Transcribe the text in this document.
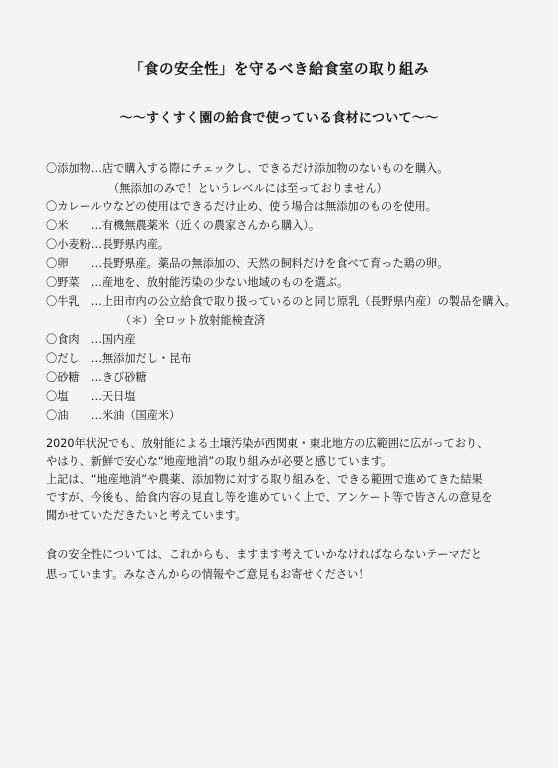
「食の安全性」を守るべき給食室の取り組み
～～すくすく園の給食で使っている食材について～～
〇添加物…店で購入する際にチェックし、できるだけ添加物のないものを購入。
（無添加のみで！というレベルには至っておりません）
〇カレールウなどの使用はできるだけ止め、使う場合は無添加のものを使用。
〇米　　…有機無農薬米（近くの農家さんから購入）。
〇小麦粉…長野県内産。
〇卵　　…長野県産。薬品の無添加の、天然の飼料だけを食べて育った鶏の卵。
〇野菜　…産地を、放射能汚染の少ない地域のものを選ぶ。
〇牛乳　…上田市内の公立給食で取り扱っているのと同じ原乳（長野県内産）の製品を購入。
（＊）全ロット放射能検査済
〇食肉　…国内産
〇だし　…無添加だし・昆布
〇砂糖　…きび砂糖
〇塩　　…天日塩
〇油　　…米油（国産米）
2020年状況でも、放射能による土壌汚染が西関東・東北地方の広範囲に広がっており、
やはり、新鮮で安心な“地産地消”の取り組みが必要と感じています。
上記は、“地産地消”や農薬、添加物に対する取り組みを、できる範囲で進めてきた結果
ですが、今後も、給食内容の見直し等を進めていく上で、アンケート等で皆さんの意見を
聞かせていただきたいと考えています。
食の安全性については、これからも、ますます考えていかなければならないテーマだと
思っています。みなさんからの情報やご意見もお寄せください！
